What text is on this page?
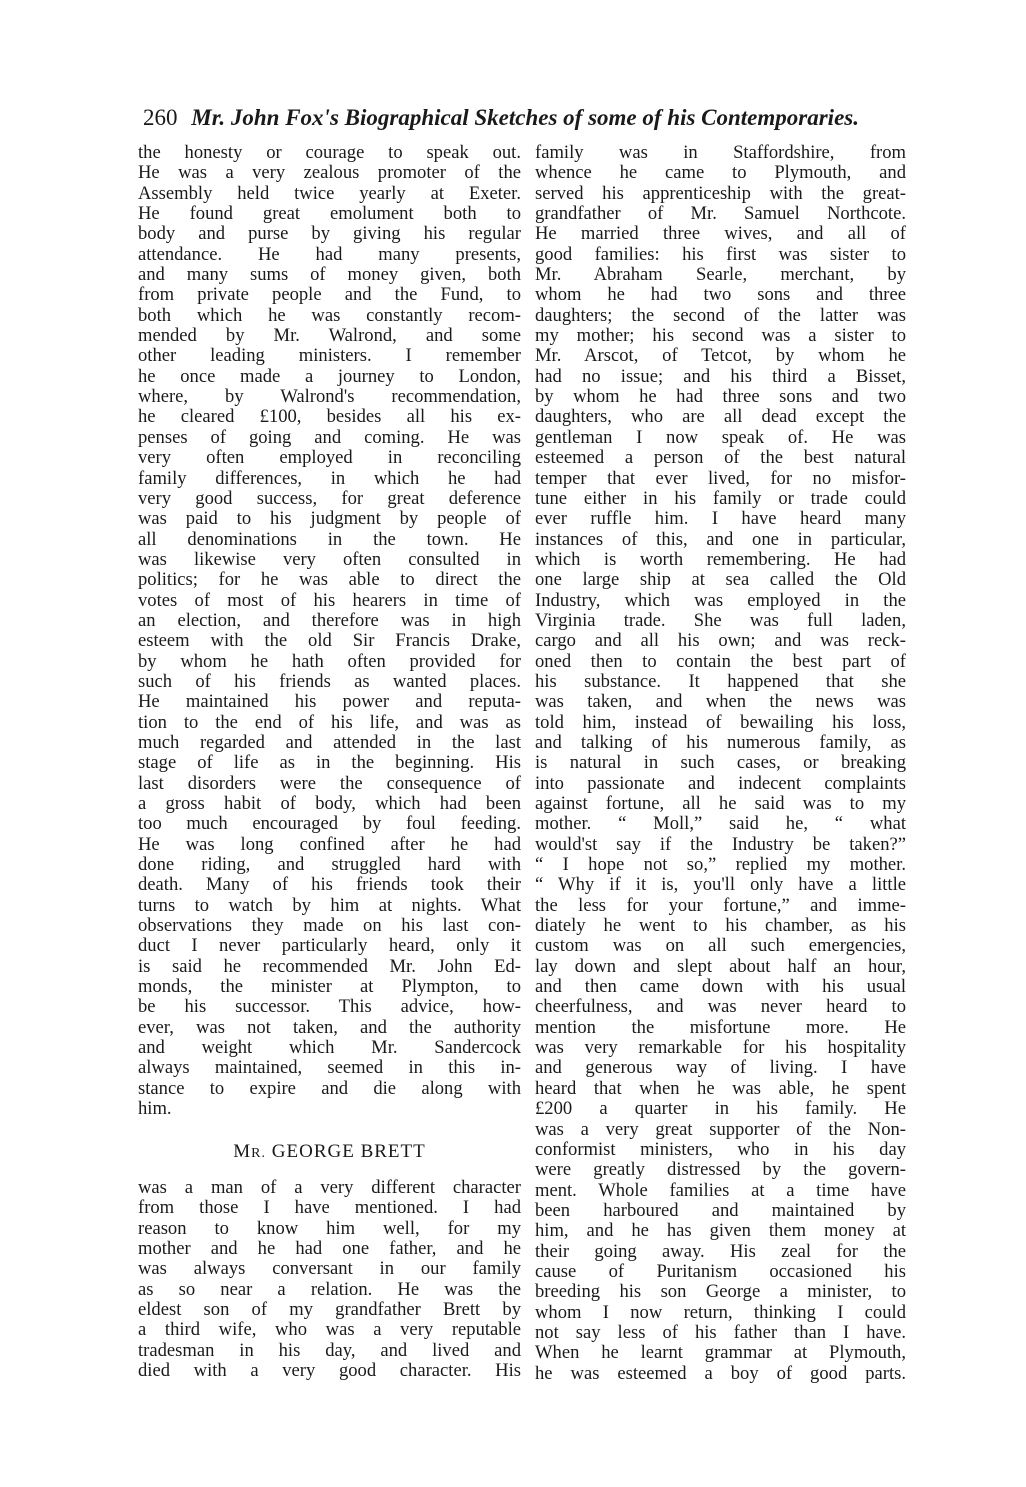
260 Mr. John Fox's Biographical Sketches of some of his Contemporaries.
the honesty or courage to speak out.
He was a very zealous promoter of the
Assembly held twice yearly at Exeter.
He found great emolument both to
body and purse by giving his regular
attendance. He had many presents,
and many sums of money given, both
from private people and the Fund, to
both which he was constantly recom-
mended by Mr. Walrond, and some
other leading ministers. I remember
he once made a journey to London,
where, by Walrond's recommendation,
he cleared £100, besides all his ex-
penses of going and coming. He was
very often employed in reconciling
family differences, in which he had
very good success, for great deference
was paid to his judgment by people of
all denominations in the town. He
was likewise very often consulted in
politics; for he was able to direct the
votes of most of his hearers in time of
an election, and therefore was in high
esteem with the old Sir Francis Drake,
by whom he hath often provided for
such of his friends as wanted places.
He maintained his power and reputa-
tion to the end of his life, and was as
much regarded and attended in the last
stage of life as in the beginning. His
last disorders were the consequence of
a gross habit of body, which had been
too much encouraged by foul feeding.
He was long confined after he had
done riding, and struggled hard with
death. Many of his friends took their
turns to watch by him at nights. What
observations they made on his last con-
duct I never particularly heard, only it
is said he recommended Mr. John Ed-
monds, the minister at Plympton, to
be his successor. This advice, how-
ever, was not taken, and the authority
and weight which Mr. Sandercock
always maintained, seemed in this in-
stance to expire and die along with
him.
MR. GEORGE BRETT
was a man of a very different character
from those I have mentioned. I had
reason to know him well, for my
mother and he had one father, and he
was always conversant in our family
as so near a relation. He was the
eldest son of my grandfather Brett by
a third wife, who was a very reputable
tradesman in his day, and lived and
died with a very good character. His
family was in Staffordshire, from
whence he came to Plymouth, and
served his apprenticeship with the great-
grandfather of Mr. Samuel Northcote.
He married three wives, and all of
good families: his first was sister to
Mr. Abraham Searle, merchant, by
whom he had two sons and three
daughters; the second of the latter was
my mother; his second was a sister to
Mr. Arscot, of Tetcot, by whom he
had no issue; and his third a Bisset,
by whom he had three sons and two
daughters, who are all dead except the
gentleman I now speak of. He was
esteemed a person of the best natural
temper that ever lived, for no misfor-
tune either in his family or trade could
ever ruffle him. I have heard many
instances of this, and one in particular,
which is worth remembering. He had
one large ship at sea called the Old
Industry, which was employed in the
Virginia trade. She was full laden,
cargo and all his own; and was reck-
oned then to contain the best part of
his substance. It happened that she
was taken, and when the news was
told him, instead of bewailing his loss,
and talking of his numerous family, as
is natural in such cases, or breaking
into passionate and indecent complaints
against fortune, all he said was to my
mother. “ Moll,” said he, “ what
would'st say if the Industry be taken?”
“ I hope not so,” replied my mother.
“ Why if it is, you'll only have a little
the less for your fortune,” and imme-
diately he went to his chamber, as his
custom was on all such emergencies,
lay down and slept about half an hour,
and then came down with his usual
cheerfulness, and was never heard to
mention the misfortune more. He
was very remarkable for his hospitality
and generous way of living. I have
heard that when he was able, he spent
£200 a quarter in his family. He
was a very great supporter of the Non-
conformist ministers, who in his day
were greatly distressed by the govern-
ment. Whole families at a time have
been harboured and maintained by
him, and he has given them money at
their going away. His zeal for the
cause of Puritanism occasioned his
breeding his son George a minister, to
whom I now return, thinking I could
not say less of his father than I have.
When he learnt grammar at Plymouth,
he was esteemed a boy of good parts.
